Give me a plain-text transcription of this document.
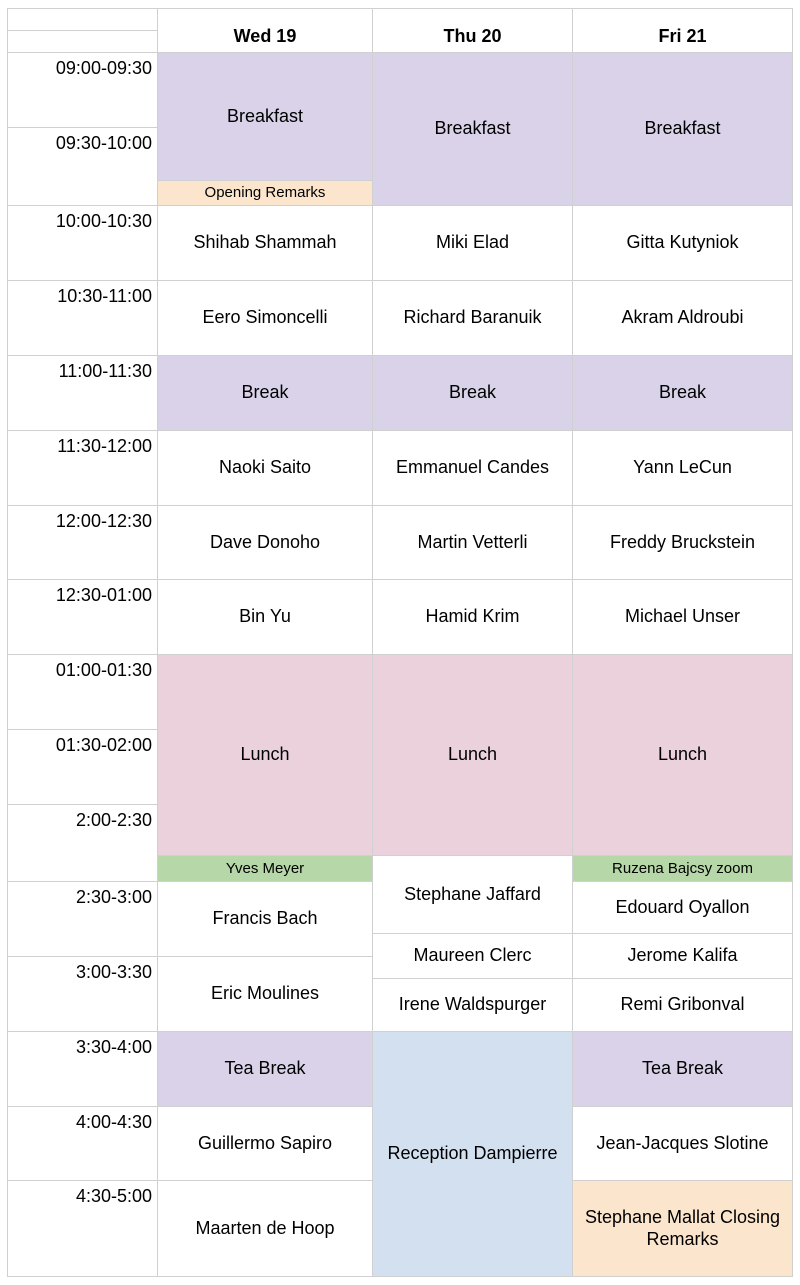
Wed 19	Thu 20	Fri 21
09:00-09:30
09:30-10:00
10:00-10:30
10:30-11:00
11:00-11:30
11:30-12:00
12:00-12:30
12:30-01:00
01:00-01:30
01:30-02:00
2:00-2:30
2:30-3:00
3:00-3:30
3:30-4:00
4:00-4:30
4:30-5:00
Breakfast
Opening Remarks
Shihab Shammah
Eero Simoncelli
Break
Naoki Saito
Dave Donoho
Bin Yu
Lunch
Yves Meyer
Francis Bach
Eric Moulines
Tea Break
Guillermo Sapiro
Maarten de Hoop
Breakfast
Miki Elad
Richard Baranuik
Break
Emmanuel Candes
Martin Vetterli
Hamid Krim
Lunch
Stephane Jaffard
Maureen Clerc
Irene Waldspurger
Reception Dampierre
Breakfast
Gitta Kutyniok
Akram Aldroubi
Break
Yann LeCun
Freddy Bruckstein
Michael Unser
Lunch
Ruzena Bajcsy zoom
Edouard Oyallon
Jerome Kalifa
Remi Gribonval
Tea Break
Jean-Jacques Slotine
Stephane Mallat Closing Remarks
